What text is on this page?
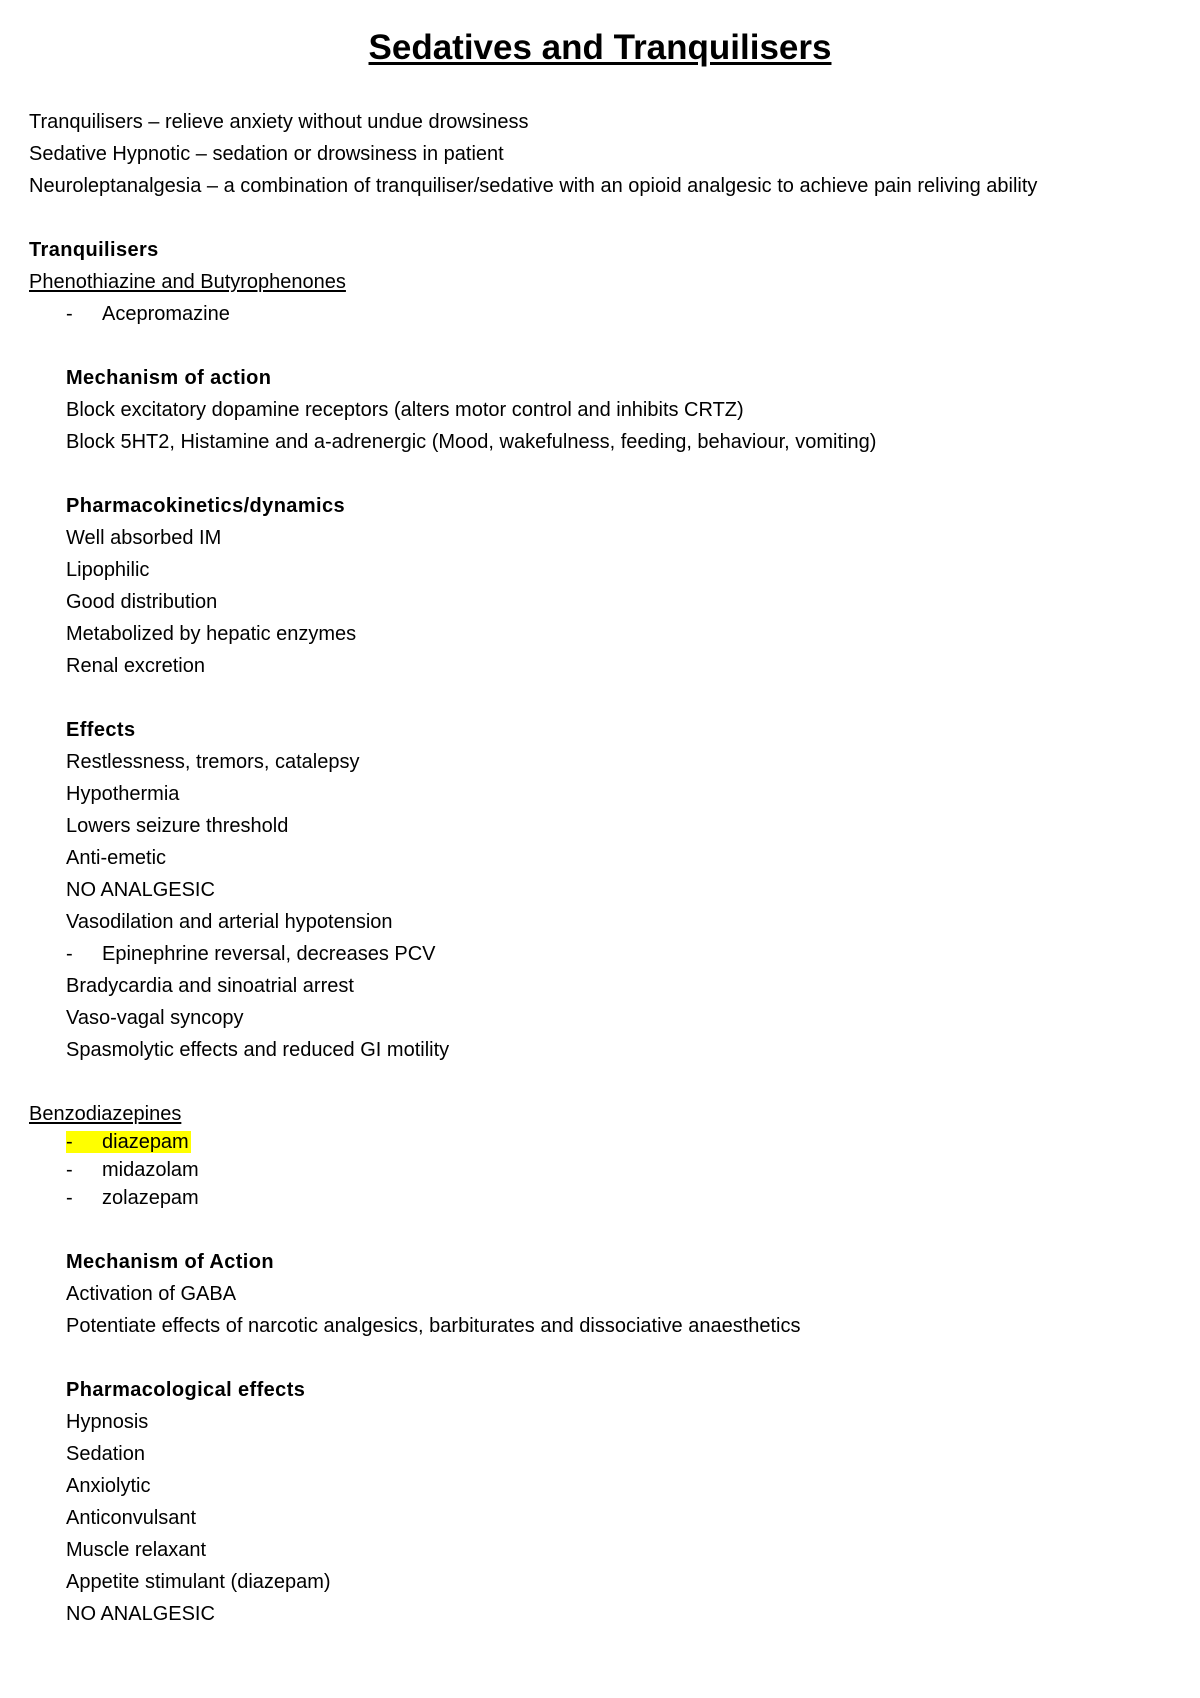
Sedatives and Tranquilisers

Tranquilisers – relieve anxiety without undue drowsiness

Sedative Hypnotic – sedation or drowsiness in patient

Neuroleptanalgesia – a combination of tranquiliser/sedative with an opioid analgesic to achieve pain reliving ability

Tranquilisers

Phenothiazine and Butyrophenones

- Acepromazine

Mechanism of action

Block excitatory dopamine receptors (alters motor control and inhibits CRTZ)

Block 5HT2, Histamine and a-adrenergic (Mood, wakefulness, feeding, behaviour, vomiting)

Pharmacokinetics/dynamics

Well absorbed IM

Lipophilic

Good distribution

Metabolized by hepatic enzymes

Renal excretion

Effects

Restlessness, tremors, catalepsy

Hypothermia

Lowers seizure threshold

Anti-emetic

NO ANALGESIC

Vasodilation and arterial hypotension

- Epinephrine reversal, decreases PCV

Bradycardia and sinoatrial arrest

Vaso-vagal syncopy

Spasmolytic effects and reduced GI motility

Benzodiazepines

- diazepam

- midazolam

- zolazepam

Mechanism of Action

Activation of GABA

Potentiate effects of narcotic analgesics, barbiturates and dissociative anaesthetics

Pharmacological effects

Hypnosis

Sedation

Anxiolytic

Anticonvulsant

Muscle relaxant

Appetite stimulant (diazepam)

NO ANALGESIC
